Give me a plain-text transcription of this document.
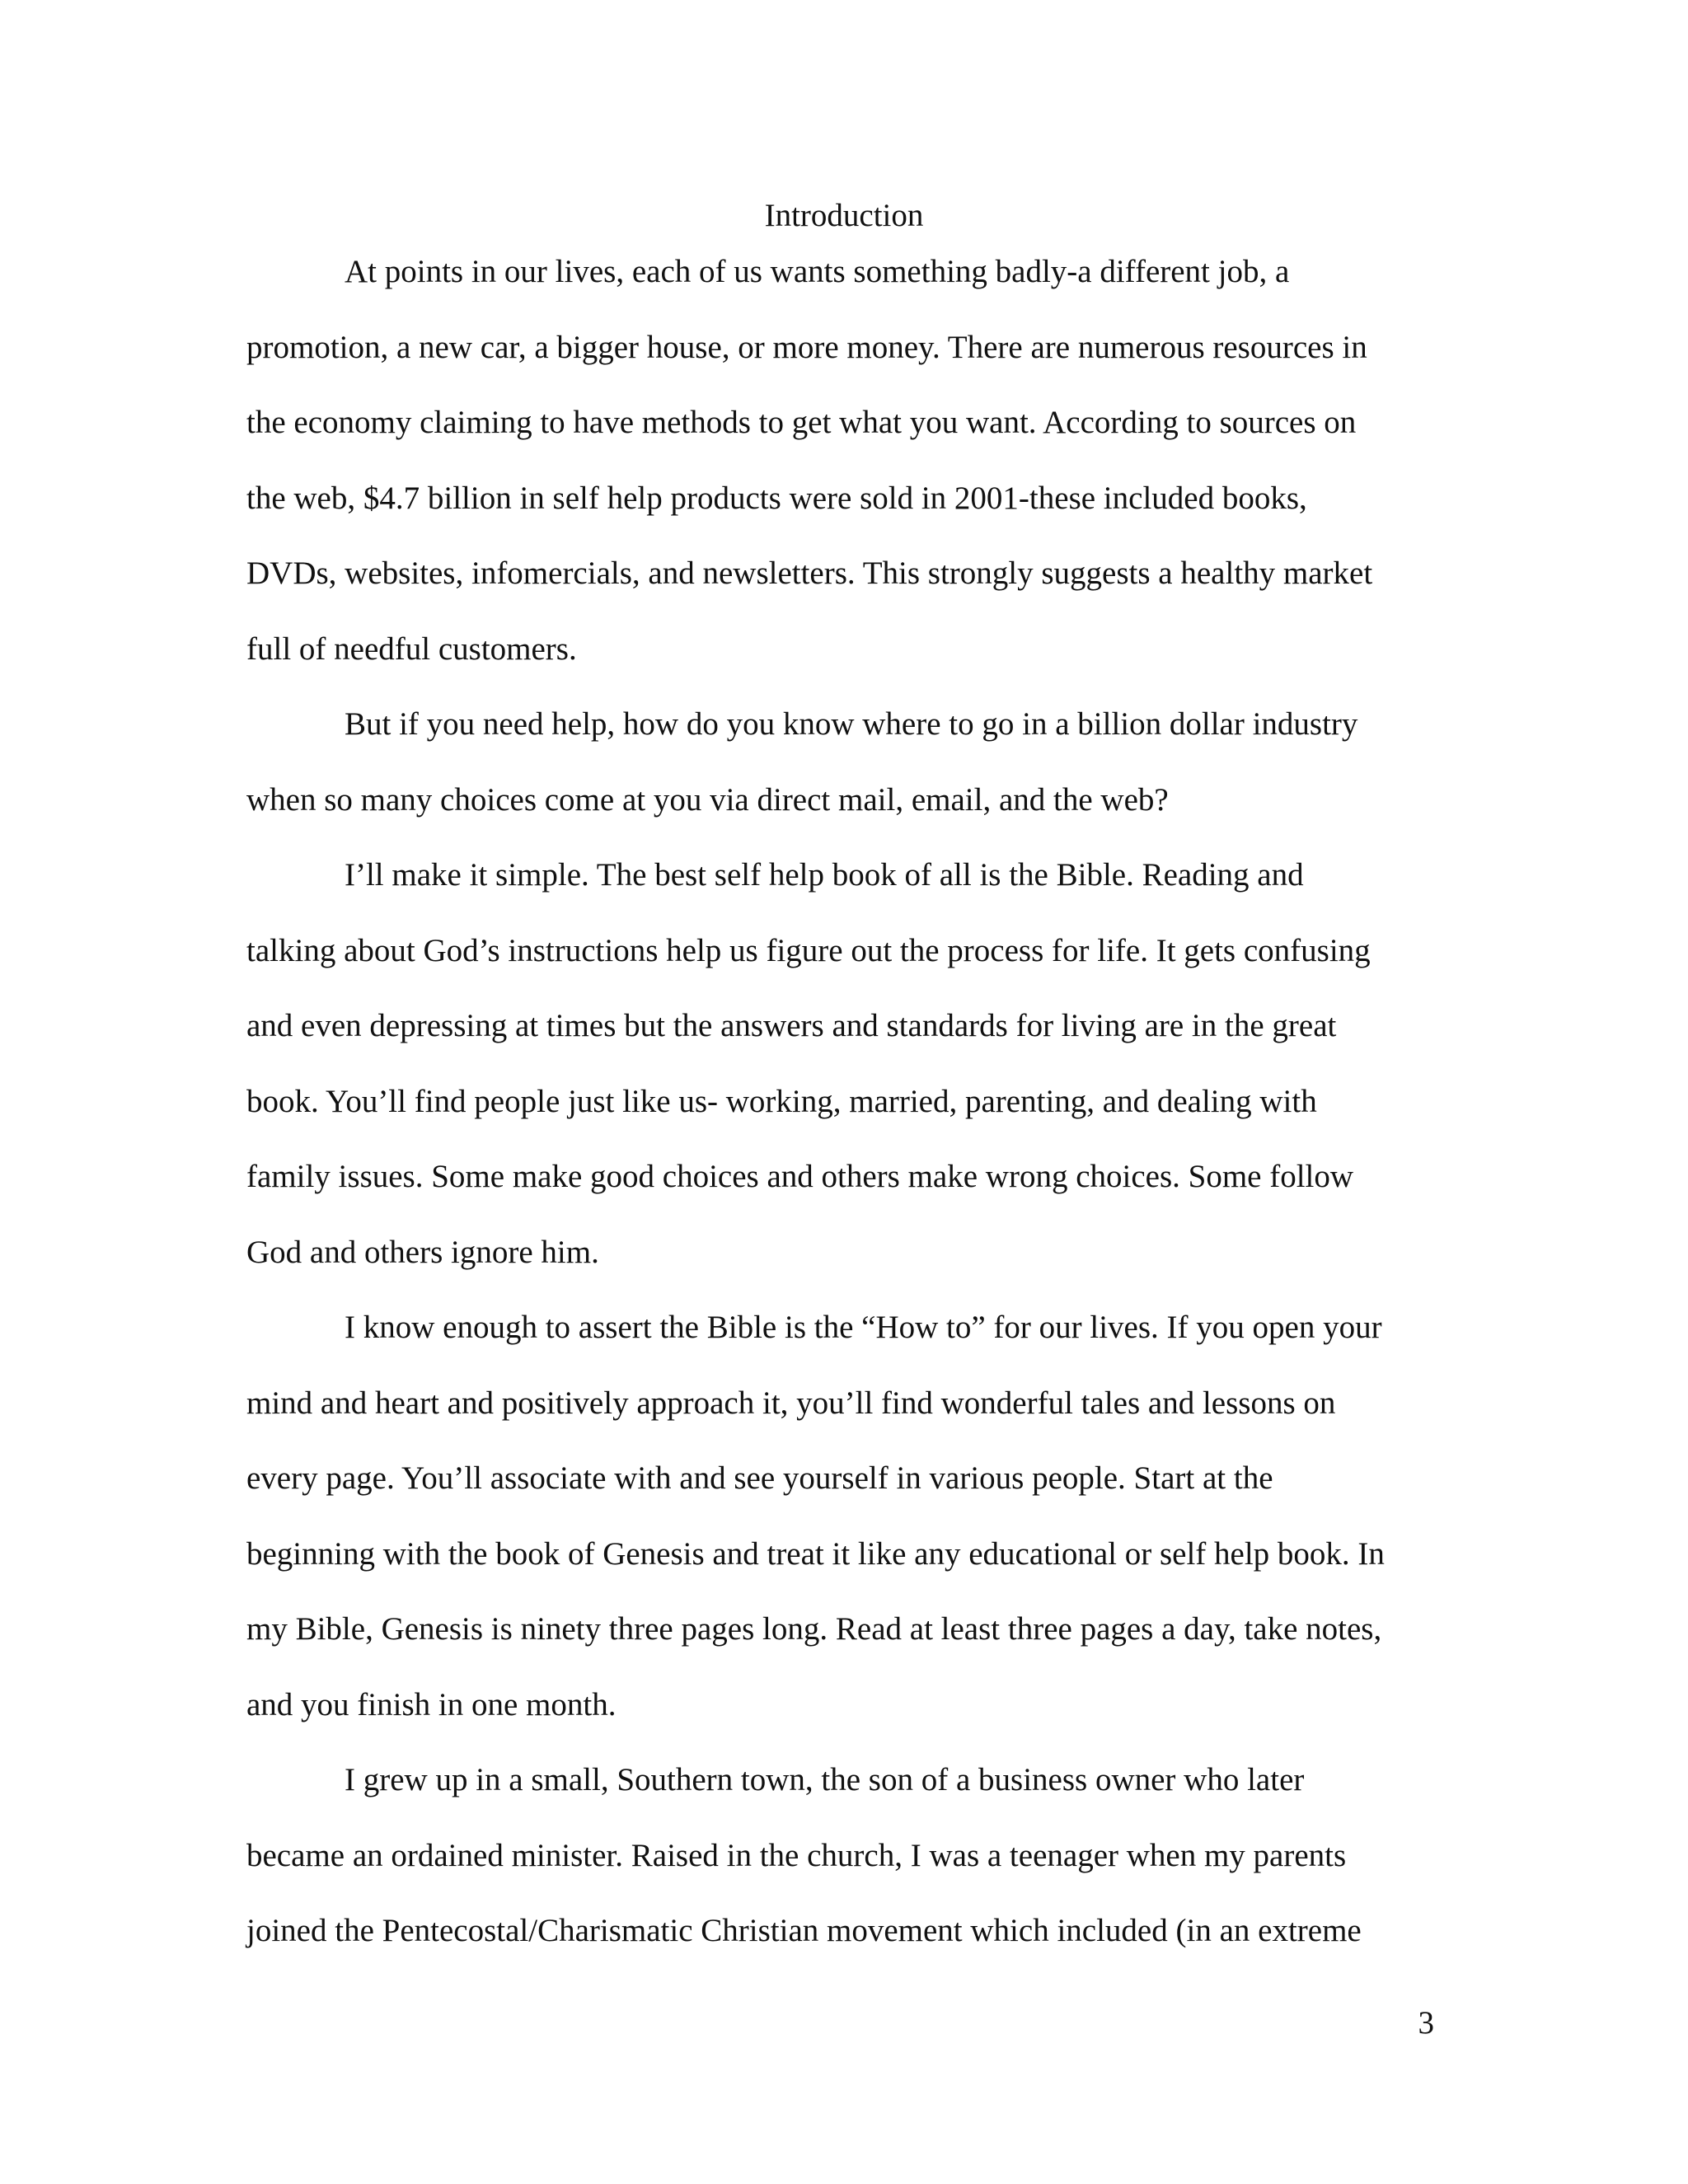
Introduction
At points in our lives, each of us wants something badly-a different job, a
promotion, a new car, a bigger house, or more money. There are numerous resources in
the economy claiming to have methods to get what you want. According to sources on
the web, $4.7 billion in self help products were sold in 2001-these included books,
DVDs, websites, infomercials, and newsletters. This strongly suggests a healthy market
full of needful customers.
But if you need help, how do you know where to go in a billion dollar industry
when so many choices come at you via direct mail, email, and the web?
I’ll make it simple. The best self help book of all is the Bible. Reading and
talking about God’s instructions help us figure out the process for life. It gets confusing
and even depressing at times but the answers and standards for living are in the great
book. You’ll find people just like us- working, married, parenting, and dealing with
family issues. Some make good choices and others make wrong choices. Some follow
God and others ignore him.
I know enough to assert the Bible is the “How to” for our lives. If you open your
mind and heart and positively approach it, you’ll find wonderful tales and lessons on
every page. You’ll associate with and see yourself in various people. Start at the
beginning with the book of Genesis and treat it like any educational or self help book. In
my Bible, Genesis is ninety three pages long. Read at least three pages a day, take notes,
and you finish in one month.
I grew up in a small, Southern town, the son of a business owner who later
became an ordained minister. Raised in the church, I was a teenager when my parents
joined the Pentecostal/Charismatic Christian movement which included (in an extreme
3
